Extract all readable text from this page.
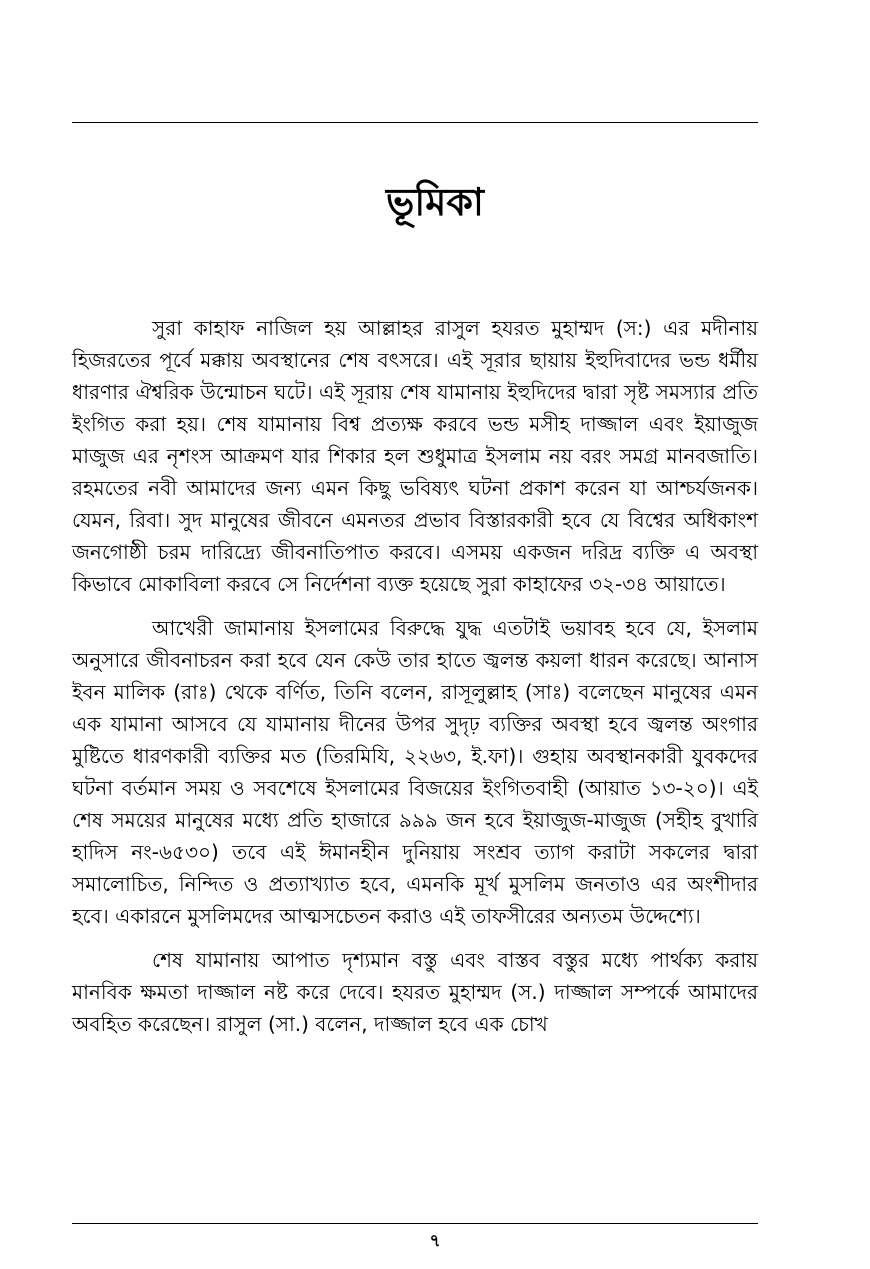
ভূমিকা

সুরা কাহাফ নাজিল হয় আল্লাহর রাসুল হযরত মুহাম্মদ (স:) এর মদীনায় হিজরতের পূর্বে মক্কায় অবস্থানের শেষ বৎসরে। এই সূরার ছায়ায় ইহুদিবাদের ভন্ড ধর্মীয় ধারণার ঐশ্বরিক উন্মোচন ঘটে। এই সূরায় শেষ যামানায় ইহুদিদের দ্বারা সৃষ্ট সমস্যার প্রতি ইংগিত করা হয়। শেষ যামানায় বিশ্ব প্রত্যক্ষ করবে ভন্ড মসীহ দাজ্জাল এবং ইয়াজুজ মাজুজ এর নৃশংস আক্রমণ যার শিকার হল শুধুমাত্র ইসলাম নয় বরং সমগ্র মানবজাতি। রহমতের নবী আমাদের জন্য এমন কিছু ভবিষ্যৎ ঘটনা প্রকাশ করেন যা আশ্চর্যজনক। যেমন, রিবা। সুদ মানুষের জীবনে এমনতর প্রভাব বিস্তারকারী হবে যে বিশ্বের অধিকাংশ জনগোষ্ঠী চরম দারিদ্র্যে জীবনাতিপাত করবে। এসময় একজন দরিদ্র ব্যক্তি এ অবস্থা কিভাবে মোকাবিলা করবে সে নির্দেশনা ব্যক্ত হয়েছে সুরা কাহাফের ৩২-৩৪ আয়াতে।

আখেরী জামানায় ইসলামের বিরুদ্ধে যুদ্ধ এতটাই ভয়াবহ হবে যে, ইসলাম অনুসারে জীবনাচরন করা হবে যেন কেউ তার হাতে জ্বলন্ত কয়লা ধারন করেছে। আনাস ইবন মালিক (রাঃ) থেকে বর্ণিত, তিনি বলেন, রাসূলুল্লাহ (সাঃ) বলেছেন মানুষের এমন এক যামানা আসবে যে যামানায় দীনের উপর সুদৃঢ় ব্যক্তির অবস্থা হবে জ্বলন্ত অংগার মুষ্টিতে ধারণকারী ব্যক্তির মত (তিরমিযি, ২২৬৩, ই.ফা)। গুহায় অবস্থানকারী যুবকদের ঘটনা বর্তমান সময় ও সবশেষে ইসলামের বিজয়ের ইংগিতবাহী (আয়াত ১৩-২০)। এই শেষ সময়ের মানুষের মধ্যে প্রতি হাজারে ৯৯৯ জন হবে ইয়াজুজ-মাজুজ (সহীহ বুখারি হাদিস নং-৬৫৩০) তবে এই ঈমানহীন দুনিয়ায় সংশ্রব ত্যাগ করাটা সকলের দ্বারা সমালোচিত, নিন্দিত ও প্রত্যাখ্যাত হবে, এমনকি মূর্খ মুসলিম জনতাও এর অংশীদার হবে। একারনে মুসলিমদের আত্মসচেতন করাও এই তাফসীরের অন্যতম উদ্দেশ্যে।

শেষ যামানায় আপাত দৃশ্যমান বস্তু এবং বাস্তব বস্তুর মধ্যে পার্থক্য করায় মানবিক ক্ষমতা দাজ্জাল নষ্ট করে দেবে। হযরত মুহাম্মদ (স.) দাজ্জাল সম্পর্কে আমাদের অবহিত করেছেন। রাসুল (সা.) বলেন, দাজ্জাল হবে এক চোখ

৭
